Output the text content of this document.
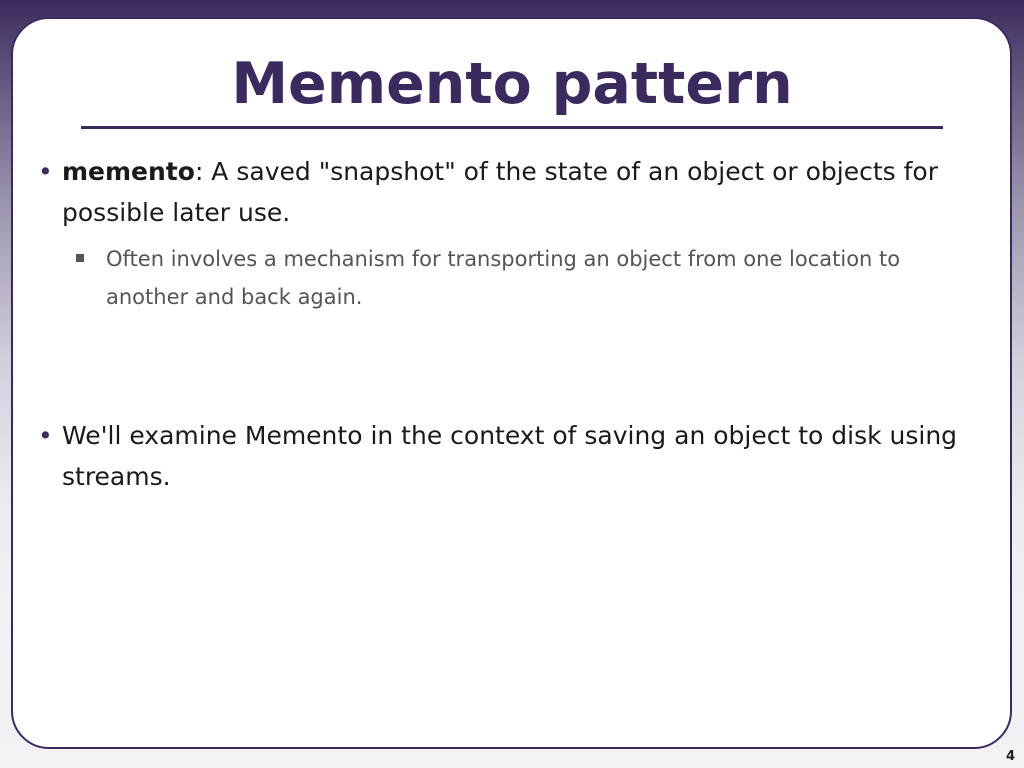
Memento pattern
• memento: A saved "snapshot" of the state of an object or objects for possible later use.
Often involves a mechanism for transporting an object from one location to another and back again.
• We'll examine Memento in the context of saving an object to disk using streams.
4
